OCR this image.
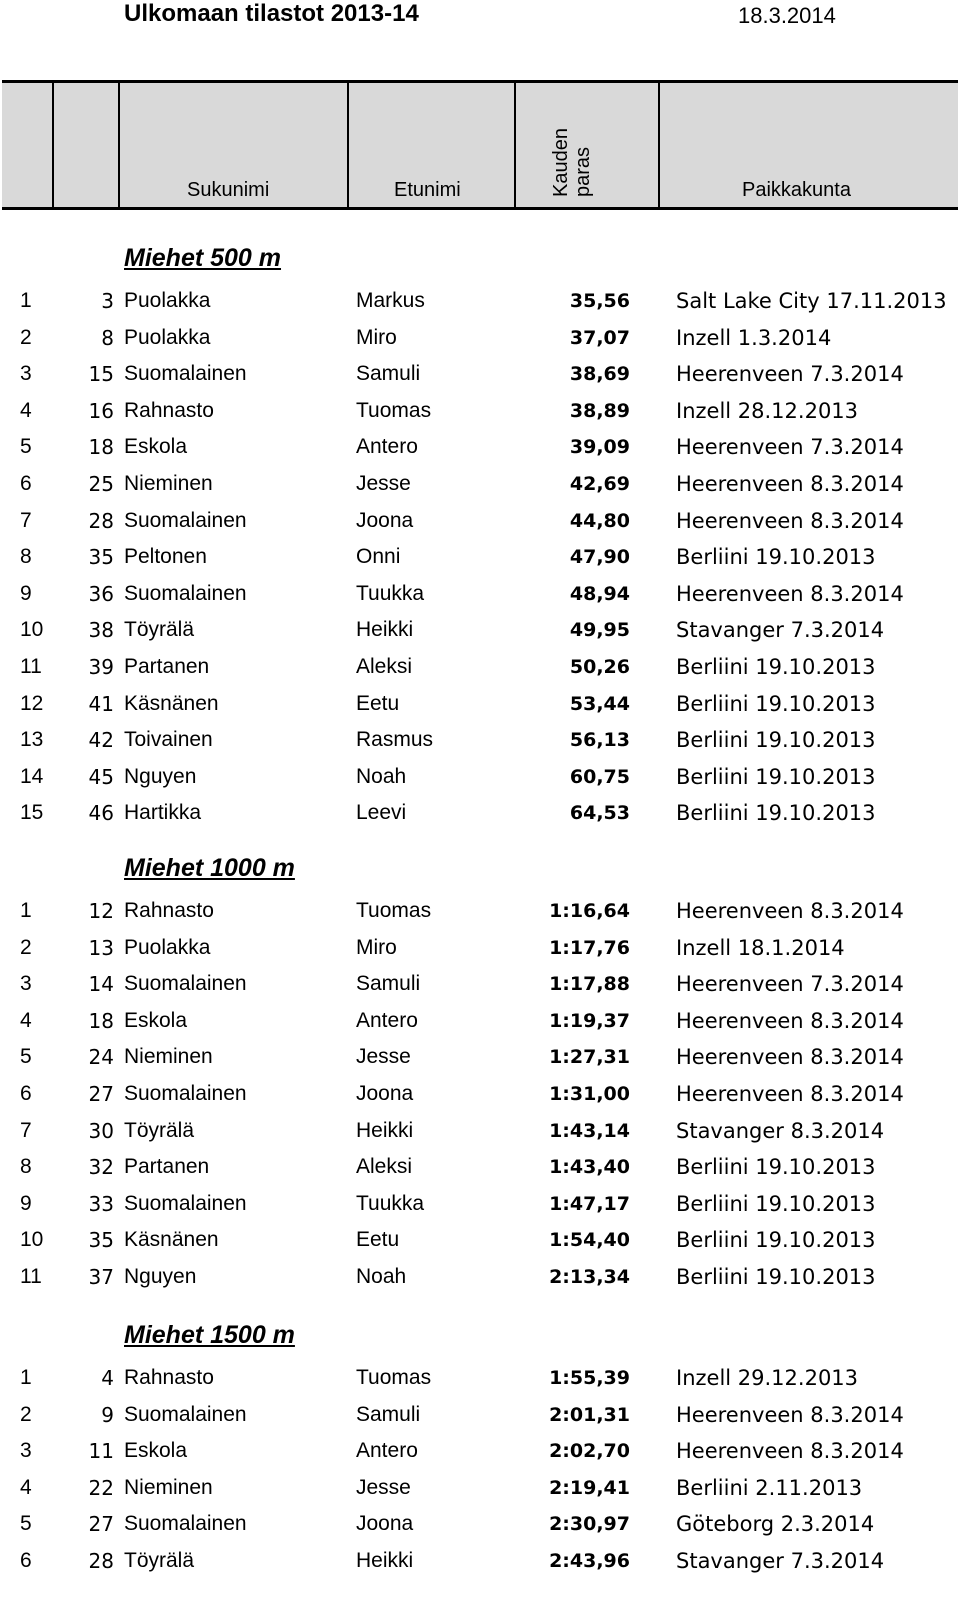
Ulkomaan tilastot 2013-14	18.3.2014
Sukunimi	Etunimi	Kauden
paras	Paikkakunta
Miehet 500 m
1	3 Puolakka	Markus	35,56 Salt Lake City 17.11.2013
2	8 Puolakka	Miro	37,07 Inzell 1.3.2014
3	15 Suomalainen	Samuli	38,69 Heerenveen 7.3.2014
4	16 Rahnasto	Tuomas	38,89 Inzell 28.12.2013
5	18 Eskola	Antero	39,09 Heerenveen 7.3.2014
6	25 Nieminen	Jesse	42,69 Heerenveen 8.3.2014
7	28 Suomalainen	Joona	44,80 Heerenveen 8.3.2014
8	35 Peltonen	Onni	47,90 Berliini 19.10.2013
9	36 Suomalainen	Tuukka	48,94 Heerenveen 8.3.2014
10	38 Töyrälä	Heikki	49,95 Stavanger 7.3.2014
11	39 Partanen	Aleksi	50,26 Berliini 19.10.2013
12	41 Käsnänen	Eetu	53,44 Berliini 19.10.2013
13	42 Toivainen	Rasmus	56,13 Berliini 19.10.2013
14	45 Nguyen	Noah	60,75 Berliini 19.10.2013
15	46 Hartikka	Leevi	64,53 Berliini 19.10.2013
Miehet 1000 m
1	12 Rahnasto	Tuomas	1:16,64 Heerenveen 8.3.2014
2	13 Puolakka	Miro	1:17,76 Inzell 18.1.2014
3	14 Suomalainen	Samuli	1:17,88 Heerenveen 7.3.2014
4	18 Eskola	Antero	1:19,37 Heerenveen 8.3.2014
5	24 Nieminen	Jesse	1:27,31 Heerenveen 8.3.2014
6	27 Suomalainen	Joona	1:31,00 Heerenveen 8.3.2014
7	30 Töyrälä	Heikki	1:43,14 Stavanger 8.3.2014
8	32 Partanen	Aleksi	1:43,40 Berliini 19.10.2013
9	33 Suomalainen	Tuukka	1:47,17 Berliini 19.10.2013
10	35 Käsnänen	Eetu	1:54,40 Berliini 19.10.2013
11	37 Nguyen	Noah	2:13,34 Berliini 19.10.2013
Miehet 1500 m
1	4 Rahnasto	Tuomas	1:55,39 Inzell 29.12.2013
2	9 Suomalainen	Samuli	2:01,31 Heerenveen 8.3.2014
3	11 Eskola	Antero	2:02,70 Heerenveen 8.3.2014
4	22 Nieminen	Jesse	2:19,41 Berliini 2.11.2013
5	27 Suomalainen	Joona	2:30,97 Göteborg 2.3.2014
6	28 Töyrälä	Heikki	2:43,96 Stavanger 7.3.2014
